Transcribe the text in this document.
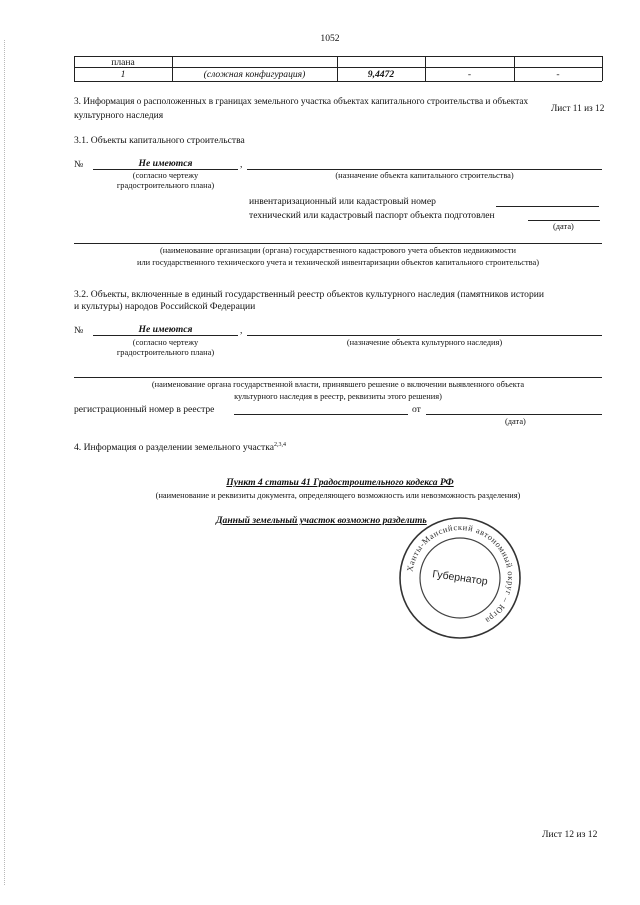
1052
плана
1	(сложная конфигурация)	9,4472	-	-
3. Информация о расположенных в границах земельного участка объектах капитального строительства и объектах
Лист 11 из 12
культурного наследия
3.1. Объекты капитального строительства
№	Не имеются	,
(согласно чертежу
градостроительного плана)
(назначение объекта капитального строительства)
инвентаризационный или кадастровый номер
технический или кадастровый паспорт объекта подготовлен
(дата)
(наименование организации (органа) государственного кадастрового учета объектов недвижимости
или государственного технического учета и технической инвентаризации объектов капитального строительства)
3.2. Объекты, включенные в единый государственный реестр объектов культурного наследия (памятников истории
и культуры) народов Российской Федерации
№	Не имеются	,
(согласно чертежу
градостроительного плана)
(назначение объекта культурного наследия)
(наименование органа государственной власти, принявшего решение о включении выявленного объекта
культурного наследия в реестр, реквизиты этого решения)
регистрационный номер в реестре	от
(дата)
4. Информация о разделении земельного участка$^{2,3,4}$
Пункт 4 статьи 41 Градостроительного кодекса РФ
(наименование и реквизиты документа, определяющего возможность или невозможность разделения)
Данный земельный участок возможно разделить
Ханты-Мансийский автономный округ – Югра
Губернатор
Лист 12 из 12
